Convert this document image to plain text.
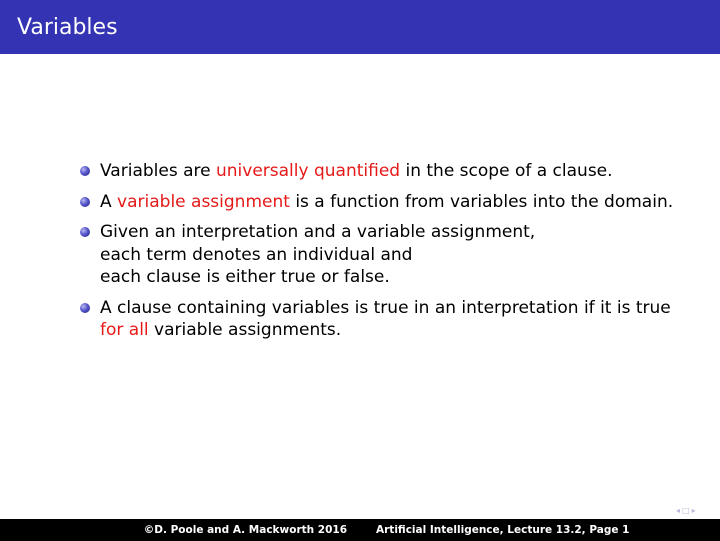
Variables
Variables are universally quantified in the scope of a clause.
A variable assignment is a function from variables into the domain.
Given an interpretation and a variable assignment,
each term denotes an individual and
each clause is either true or false.
A clause containing variables is true in an interpretation if it is true for all variable assignments.
◂□▸
©D. Poole and A. Mackworth 2016	Artificial Intelligence, Lecture 13.2, Page 1
